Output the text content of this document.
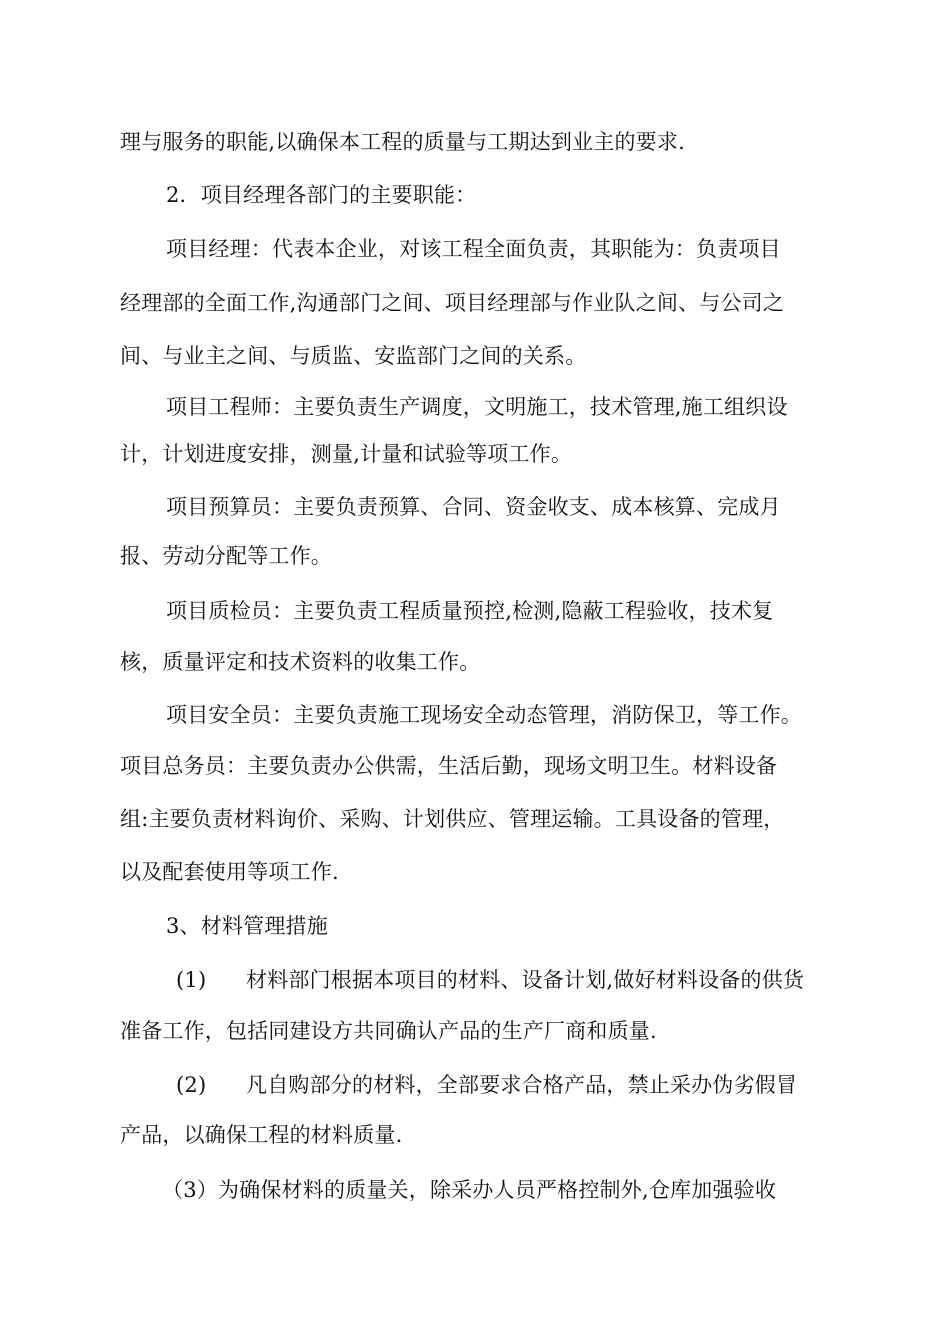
理与服务的职能,以确保本工程的质量与工期达到业主的要求.
2．项目经理各部门的主要职能：
项目经理：代表本企业，对该工程全面负责，其职能为：负责项目
经理部的全面工作,沟通部门之间、项目经理部与作业队之间、与公司之
间、与业主之间、与质监、安监部门之间的关系。
项目工程师：主要负责生产调度，文明施工，技术管理,施工组织设
计，计划进度安排，测量,计量和试验等项工作。
项目预算员：主要负责预算、合同、资金收支、成本核算、完成月
报、劳动分配等工作。
项目质检员：主要负责工程质量预控,检测,隐蔽工程验收，技术复
核，质量评定和技术资料的收集工作。
项目安全员：主要负责施工现场安全动态管理，消防保卫，等工作。
项目总务员：主要负责办公供需，生活后勤，现场文明卫生。材料设备
组:主要负责材料询价、采购、计划供应、管理运输。工具设备的管理，
以及配套使用等项工作.
3、材料管理措施
(1) 材料部门根据本项目的材料、设备计划,做好材料设备的供货
准备工作，包括同建设方共同确认产品的生产厂商和质量.
(2) 凡自购部分的材料，全部要求合格产品，禁止采办伪劣假冒
产品，以确保工程的材料质量.
（3）为确保材料的质量关，除采办人员严格控制外,仓库加强验收
